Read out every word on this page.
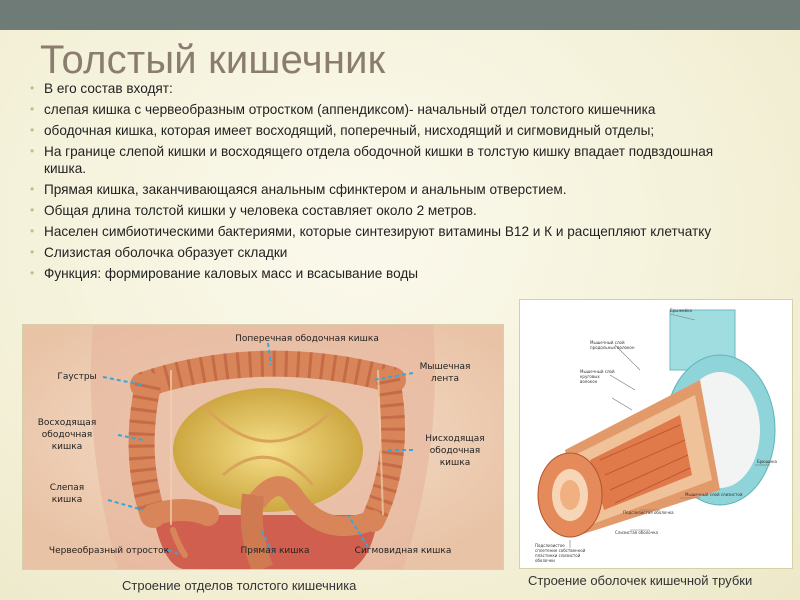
Толстый кишечник
• В его состав входят:
• слепая кишка с червеобразным отростком (аппендиксом)- начальный отдел толстого кишечника
• ободочная кишка, которая имеет восходящий, поперечный, нисходящий и сигмовидный отделы;
• На границе слепой кишки и восходящего отдела ободочной кишки в толстую кишку впадает подвздошная кишка.
• Прямая кишка, заканчивающаяся анальным сфинктером и анальным отверстием.
• Общая длина толстой кишки у человека составляет около 2 метров.
• Населен симбиотическими бактериями, которые синтезируют витамины В12 и К и расщепляют клетчатку
• Слизистая оболочка образует складки
• Функция: формирование каловых масс и всасывание воды
Поперечная ободочная кишка
Гаустры
Мышечная
лента
Восходящая
ободочная
кишка
Нисходящая
ободочная
кишка
Слепая
кишка
Червеобразный отросток	Прямая кишка	Сигмовидная кишка
Строение отделов толстого кишечника
Брыжейка
Мышечный слой
продольных волокон
Мышечный слой
круговых
волокон
Брюшина
Мышечный слой слизистой
Подслизистая оболочка
Слизистая оболочка
Подслизистое
сплетение собственной
пластинки слизистой
оболочки
Строение оболочек кишечной трубки
